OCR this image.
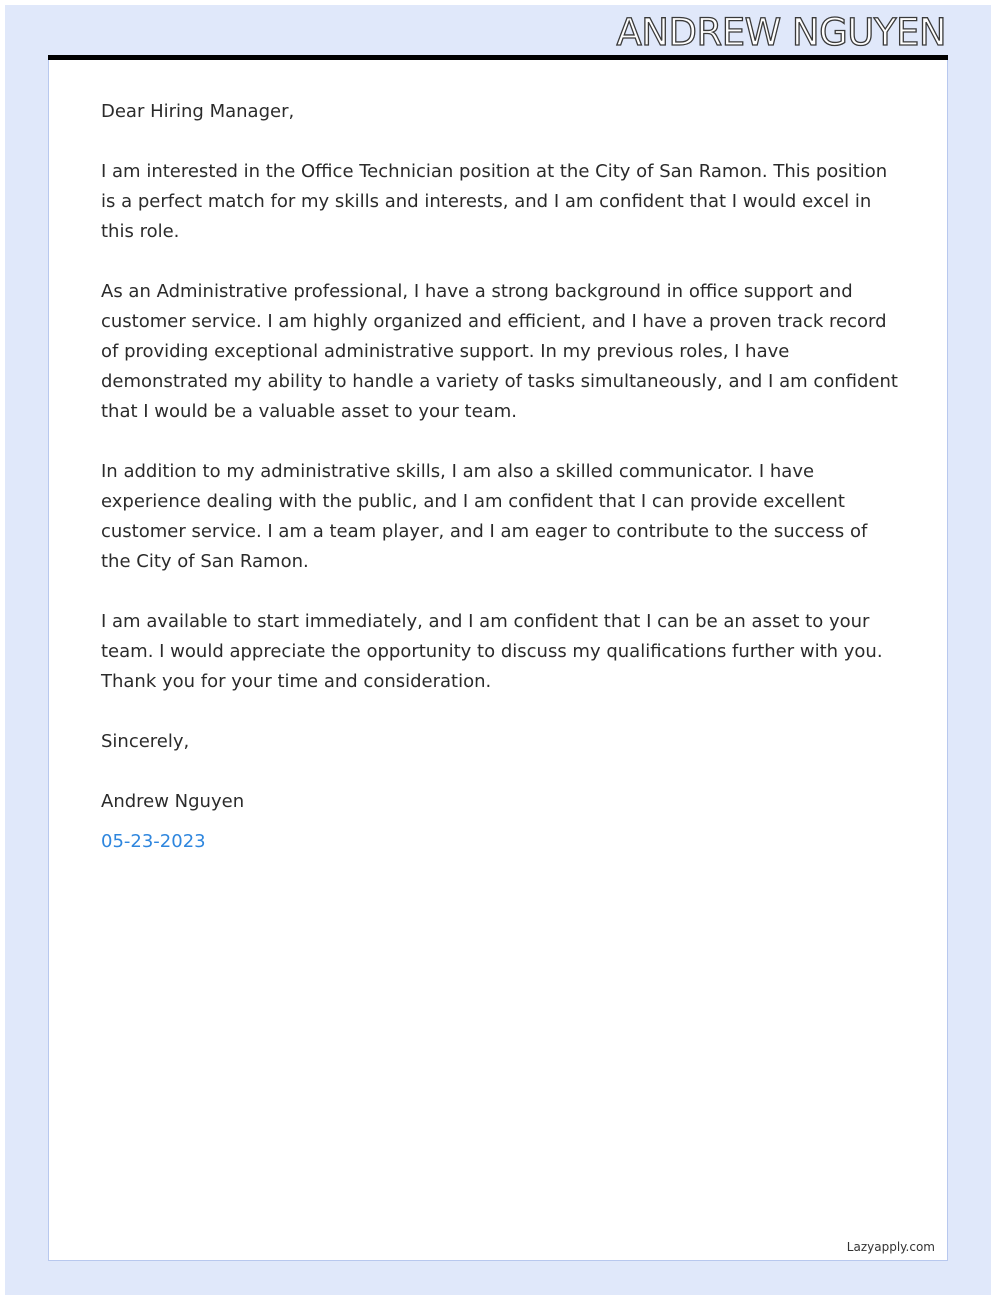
ANDREW NGUYEN

Dear Hiring Manager,

I am interested in the Office Technician position at the City of San Ramon. This position is a perfect match for my skills and interests, and I am confident that I would excel in this role.

As an Administrative professional, I have a strong background in office support and customer service. I am highly organized and efficient, and I have a proven track record of providing exceptional administrative support. In my previous roles, I have demonstrated my ability to handle a variety of tasks simultaneously, and I am confident that I would be a valuable asset to your team.

In addition to my administrative skills, I am also a skilled communicator. I have experience dealing with the public, and I am confident that I can provide excellent customer service. I am a team player, and I am eager to contribute to the success of the City of San Ramon.

I am available to start immediately, and I am confident that I can be an asset to your team. I would appreciate the opportunity to discuss my qualifications further with you. Thank you for your time and consideration.

Sincerely,

Andrew Nguyen

05-23-2023

Lazyapply.com
